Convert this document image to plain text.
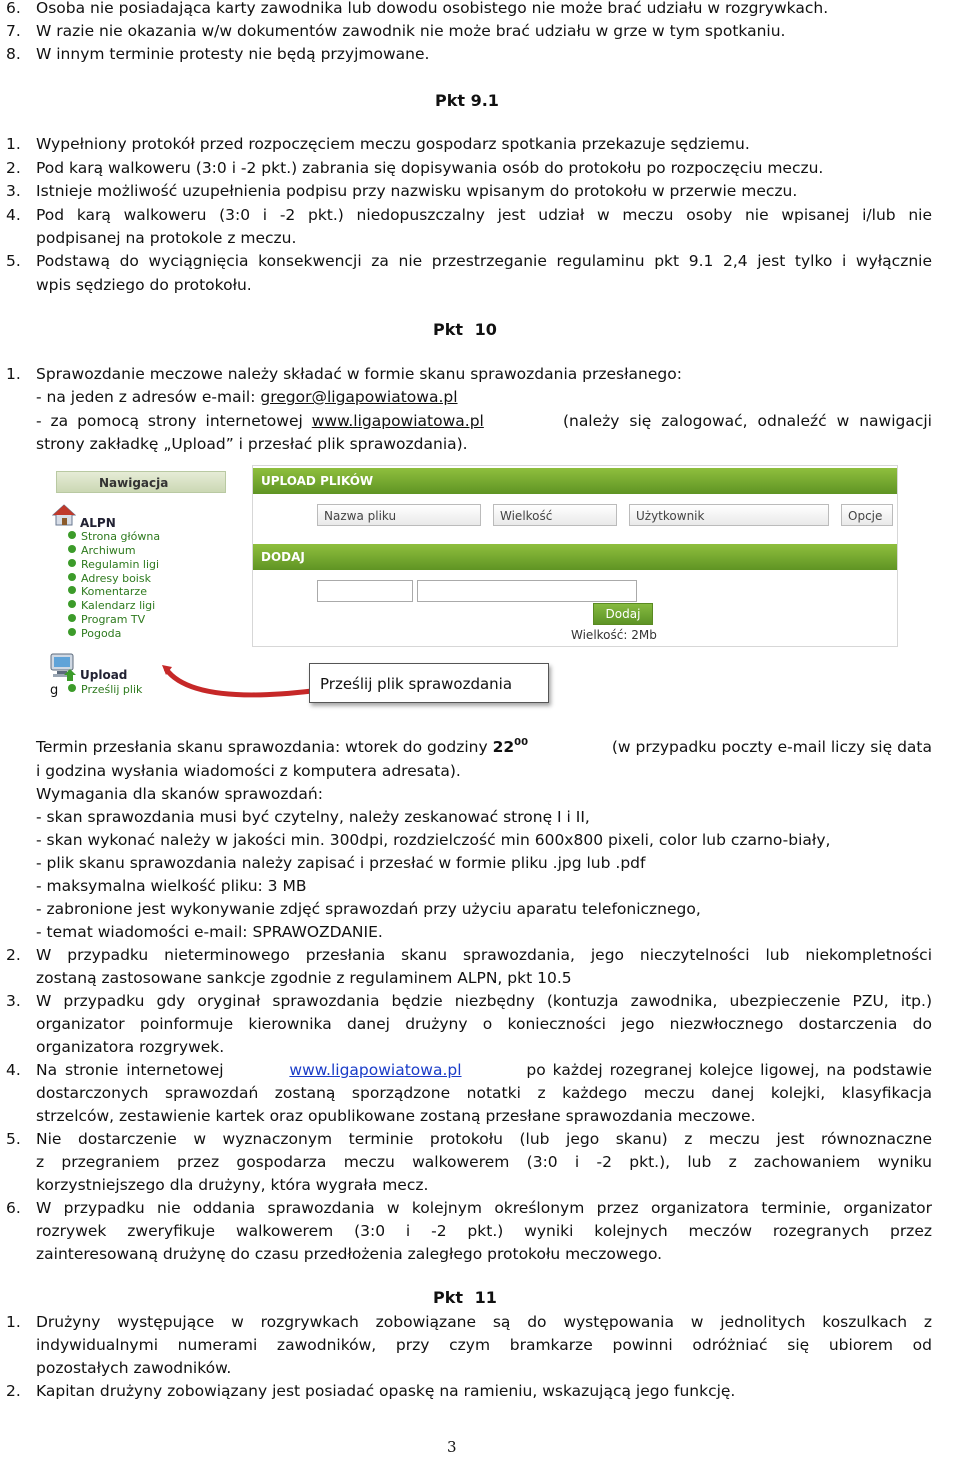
6. Osoba nie posiadająca karty zawodnika lub dowodu osobistego nie może brać udziału w rozgrywkach.
7. W razie nie okazania w/w dokumentów zawodnik nie może brać udziału w grze w tym spotkaniu.
8. W innym terminie protesty nie będą przyjmowane.
Pkt 9.1
1. Wypełniony protokół przed rozpoczęciem meczu gospodarz spotkania przekazuje sędziemu.
2. Pod karą walkoweru (3:0 i -2 pkt.) zabrania się dopisywania osób do protokołu po rozpoczęciu meczu.
3. Istnieje możliwość uzupełnienia podpisu przy nazwisku wpisanym do protokołu w przerwie meczu.
4. Pod karą walkoweru (3:0 i -2 pkt.) niedopuszczalny jest udział w meczu osoby nie wpisanej i/lub nie
podpisanej na protokole z meczu.
5. Podstawą do wyciągnięcia konsekwencji za nie przestrzeganie regulaminu pkt 9.1 2,4 jest tylko i wyłącznie
wpis sędziego do protokołu.
Pkt 10
1. Sprawozdanie meczowe należy składać w formie skanu sprawozdania przesłanego:
- na jeden z adresów e-mail: gregor@ligapowiatowa.pl
- za pomocą strony internetowej www.ligapowiatowa.pl	(należy się zalogować, odnaleźć w nawigacji
strony zakładkę „Upload” i przesłać plik sprawozdania).
Nawigacja
ALPN
Strona główna
Archiwum
Regulamin ligi
Adresy boisk
Komentarze
Kalendarz ligi
Program TV
Pogoda
Upload
Prześlij plik
g
UPLOAD PLIKÓW
Nazwa pliku	Wielkość	Użytkownik	Opcje
DODAJ
Dodaj
Wielkość: 2Mb
Prześlij plik sprawozdania
Termin przesłania skanu sprawozdania: wtorek do godziny $22^{00}$	(w przypadku poczty e-mail liczy się data
i godzina wysłania wiadomości z komputera adresata).
Wymagania dla skanów sprawozdań:
- skan sprawozdania musi być czytelny, należy zeskanować stronę I i II,
- skan wykonać należy w jakości min. 300dpi, rozdzielczość min 600x800 pixeli, color lub czarno-biały,
- plik skanu sprawozdania należy zapisać i przesłać w formie pliku .jpg lub .pdf
- maksymalna wielkość pliku: 3 MB
- zabronione jest wykonywanie zdjęć sprawozdań przy użyciu aparatu telefonicznego,
- temat wiadomości e-mail: SPRAWOZDANIE.
2. W przypadku nieterminowego przesłania skanu sprawozdania, jego nieczytelności lub niekompletności
zostaną zastosowane sankcje zgodnie z regulaminem ALPN, pkt 10.5
3. W przypadku gdy oryginał sprawozdania będzie niezbędny (kontuzja zawodnika, ubezpieczenie PZU, itp.)
organizator poinformuje kierownika danej drużyny o konieczności jego niezwłocznego dostarczenia do
organizatora rozgrywek.
4. Na stronie internetowej	www.ligapowiatowa.pl	po każdej rozegranej kolejce ligowej, na podstawie
dostarczonych sprawozdań zostaną sporządzone notatki z każdego meczu danej kolejki, klasyfikacja
strzelców, zestawienie kartek oraz opublikowane zostaną przesłane sprawozdania meczowe.
5. Nie dostarczenie w wyznaczonym terminie protokołu (lub jego skanu) z meczu jest równoznaczne
z przegraniem przez gospodarza meczu walkowerem (3:0 i -2 pkt.), lub z zachowaniem wyniku
korzystniejszego dla drużyny, która wygrała mecz.
6. W przypadku nie oddania sprawozdania w kolejnym określonym przez organizatora terminie, organizator
rozrywek zweryfikuje walkowerem (3:0 i -2 pkt.) wyniki kolejnych meczów rozegranych przez
zainteresowaną drużynę do czasu przedłożenia zaległego protokołu meczowego.
Pkt 11
1. Drużyny występujące w rozgrywkach zobowiązane są do występowania w jednolitych koszulkach z
indywidualnymi numerami zawodników, przy czym bramkarze powinni odróżniać się ubiorem od
pozostałych zawodników.
2. Kapitan drużyny zobowiązany jest posiadać opaskę na ramieniu, wskazującą jego funkcję.
3
